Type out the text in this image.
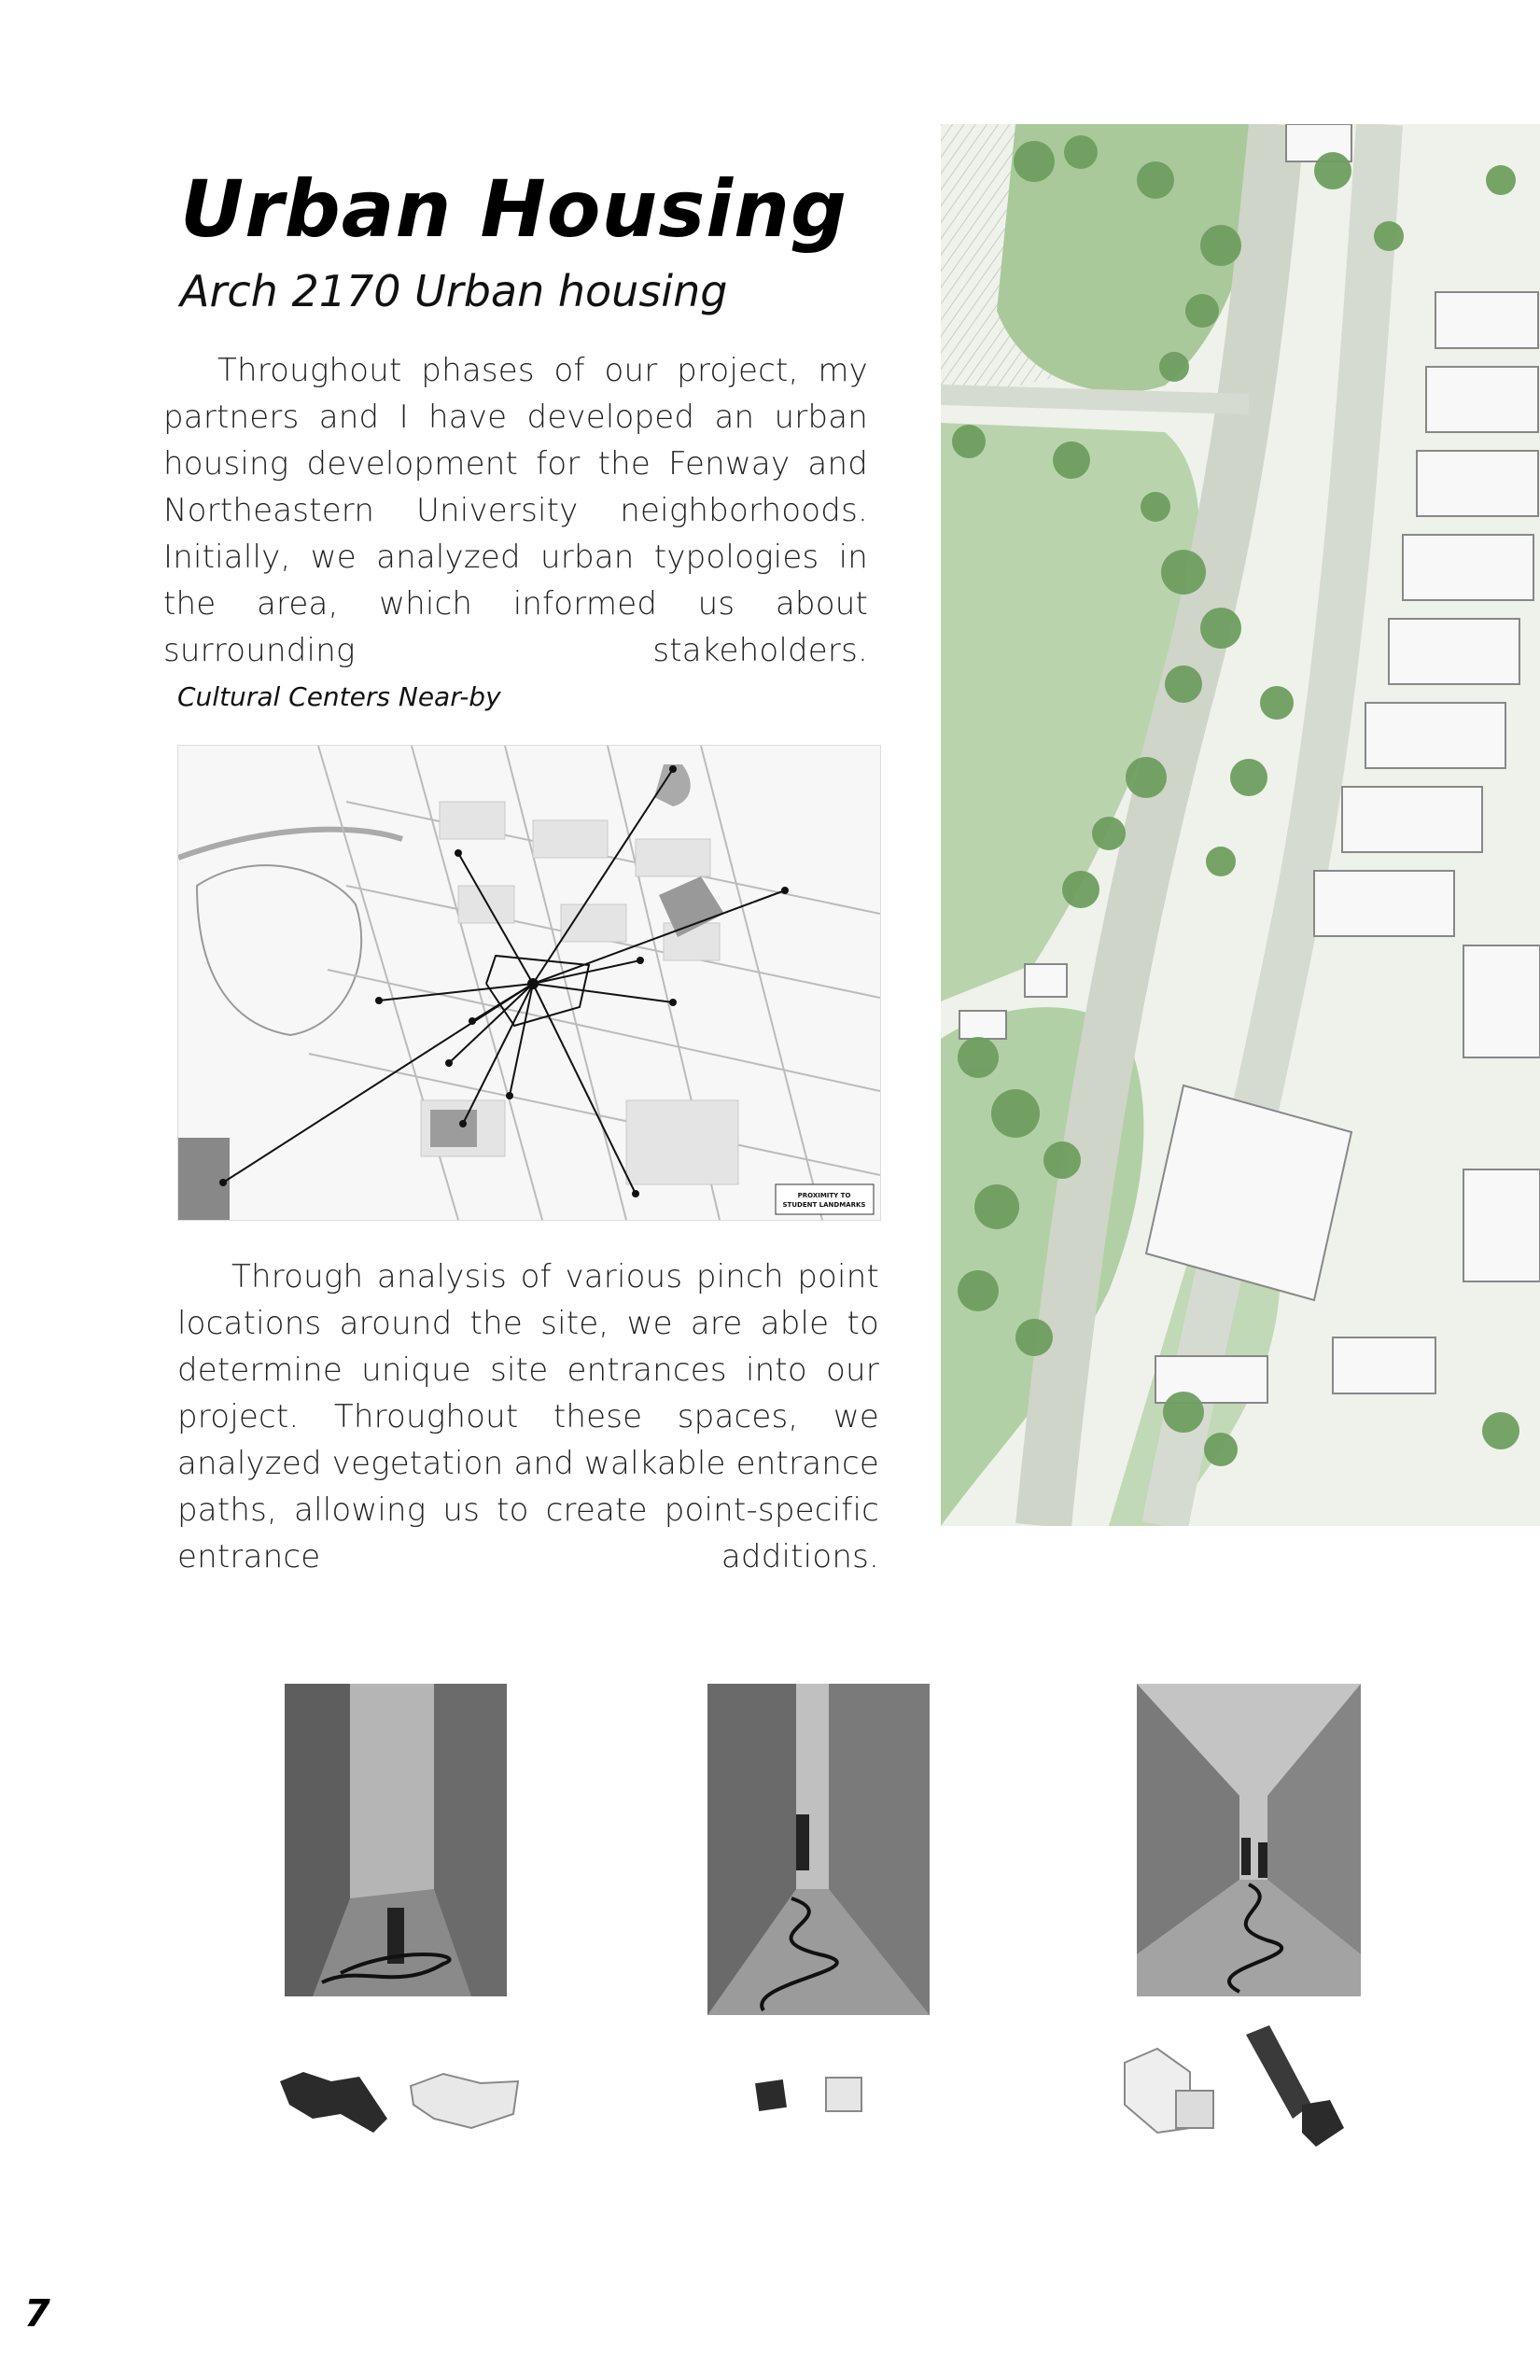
Urban Housing
Arch 2170 Urban housing

Throughout phases of our project, my partners and I have developed an urban housing development for the Fenway and Northeastern University neighborhoods. Initially, we analyzed urban typologies in the area, which informed us about surrounding stakeholders.

Cultural Centers Near-by

PROXIMITY TO STUDENT LANDMARKS

Through analysis of various pinch point locations around the site, we are able to determine unique site entrances into our project. Throughout these spaces, we analyzed vegetation and walkable entrance paths, allowing us to create point-specific entrance additions.

7
